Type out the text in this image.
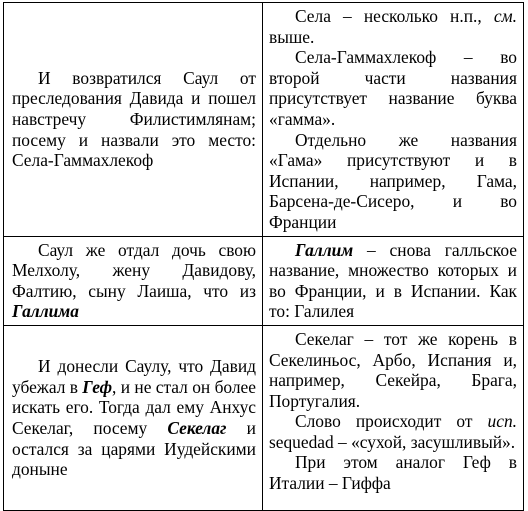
И возвратился Саул от преследования Давида и пошел навстречу Филистимлянам; посему и назвали это место: Села-Гаммахлекоф	Села – несколько н.п., см. выше.
Села-Гаммахлекоф – во второй части названия присутствует название буква «гамма».
Отдельно же названия «Гама» присутствуют и в Испании, например, Гама, Барсена-де-Сисеро, и во Франции

Саул же отдал дочь свою Мелхолу, жену Давидову, Фалтию, сыну Лаиша, что из Галлима	Галлим – снова галльское название, множество которых и во Франции, и в Испании. Как то: Галилея

И донесли Саулу, что Давид убежал в Геф, и не стал он более искать его. Тогда дал ему Анхус Секелаг, посему Секелаг и остался за царями Иудейскими доныне	Секелаг – тот же корень в Секелиньос, Арбо, Испания и, например, Секейра, Брага, Португалия.
Слово происходит от исп. sequedad – «сухой, засушливый».
При этом аналог Геф в Италии – Гиффа
